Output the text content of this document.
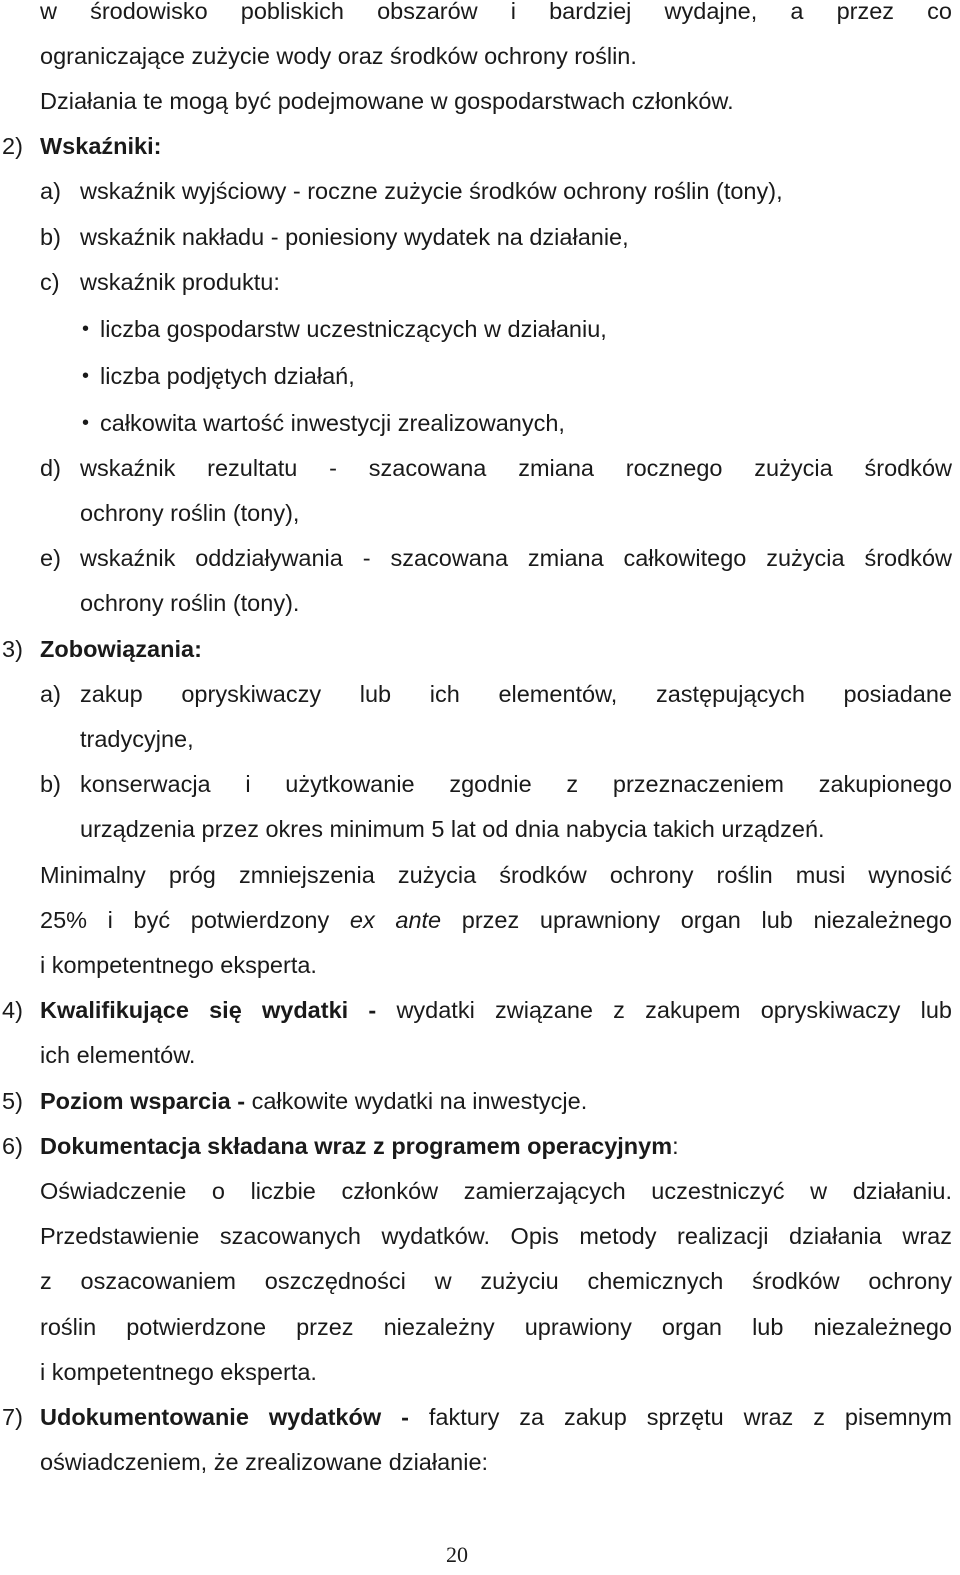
w środowisko pobliskich obszarów i bardziej wydajne, a przez co
ograniczające zużycie wody oraz środków ochrony roślin.
Działania te mogą być podejmowane w gospodarstwach członków.
2) Wskaźniki:
a) wskaźnik wyjściowy - roczne zużycie środków ochrony roślin (tony),
b) wskaźnik nakładu - poniesiony wydatek na działanie,
c) wskaźnik produktu:
• liczba gospodarstw uczestniczących w działaniu,
• liczba podjętych działań,
• całkowita wartość inwestycji zrealizowanych,
d) wskaźnik rezultatu - szacowana zmiana rocznego zużycia środków
ochrony roślin (tony),
e) wskaźnik oddziaływania - szacowana zmiana całkowitego zużycia środków
ochrony roślin (tony).
3) Zobowiązania:
a) zakup opryskiwaczy lub ich elementów, zastępujących posiadane
tradycyjne,
b) konserwacja i użytkowanie zgodnie z przeznaczeniem zakupionego
urządzenia przez okres minimum 5 lat od dnia nabycia takich urządzeń.
Minimalny próg zmniejszenia zużycia środków ochrony roślin musi wynosić
25% i być potwierdzony ex ante przez uprawniony organ lub niezależnego
i kompetentnego eksperta.
4) Kwalifikujące się wydatki - wydatki związane z zakupem opryskiwaczy lub
ich elementów.
5) Poziom wsparcia - całkowite wydatki na inwestycje.
6) Dokumentacja składana wraz z programem operacyjnym:
Oświadczenie o liczbie członków zamierzających uczestniczyć w działaniu.
Przedstawienie szacowanych wydatków. Opis metody realizacji działania wraz
z oszacowaniem oszczędności w zużyciu chemicznych środków ochrony
roślin potwierdzone przez niezależny uprawiony organ lub niezależnego
i kompetentnego eksperta.
7) Udokumentowanie wydatków - faktury za zakup sprzętu wraz z pisemnym
oświadczeniem, że zrealizowane działanie:
20
